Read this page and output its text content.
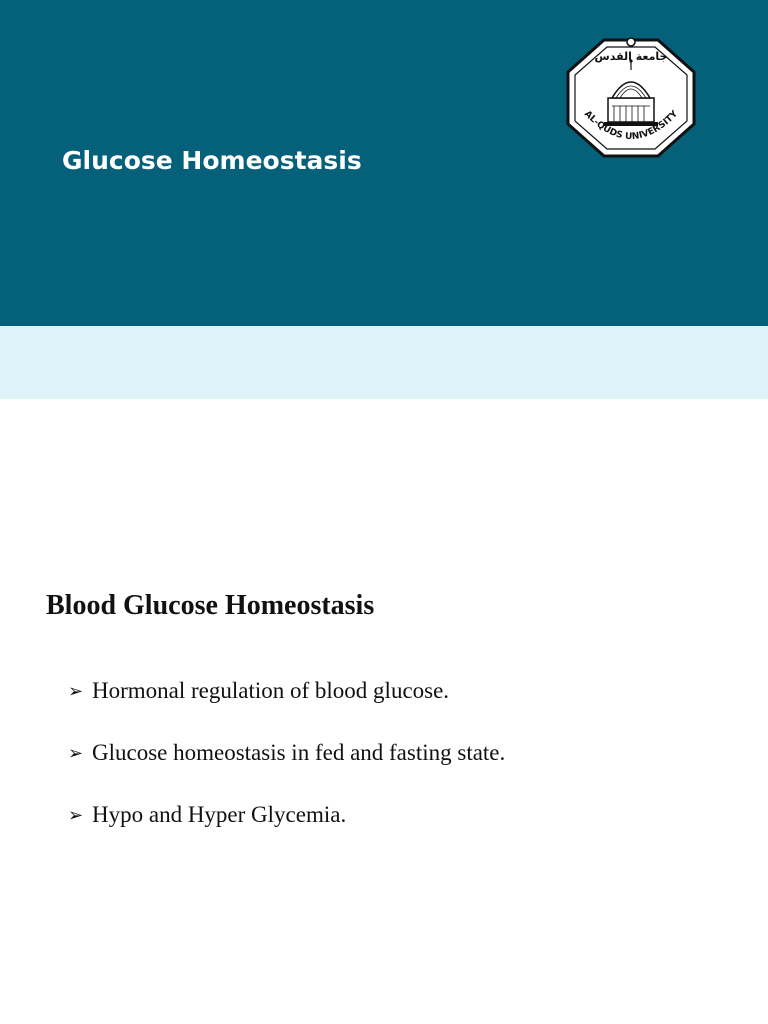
Glucose Homeostasis
جامعة القدس
AL-QUDS UNIVERSITY
Blood Glucose Homeostasis
➢ Hormonal regulation of blood glucose.
➢ Glucose homeostasis in fed and fasting state.
➢ Hypo and Hyper Glycemia.
